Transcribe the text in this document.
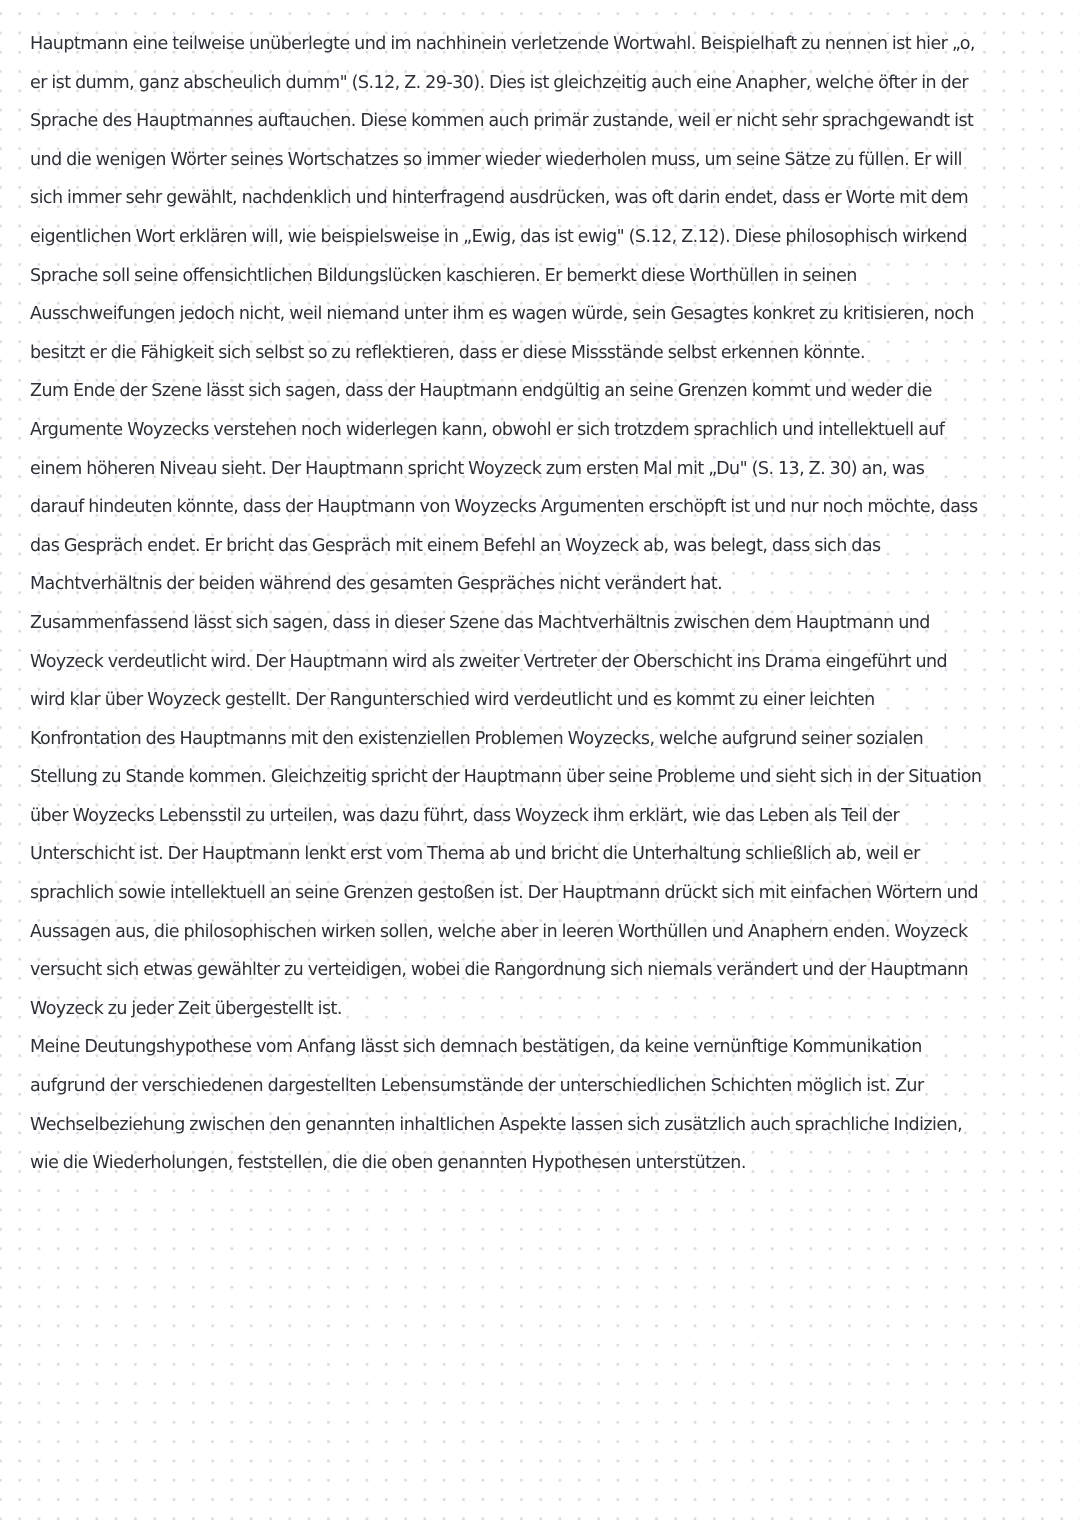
Hauptmann eine teilweise unüberlegte und im nachhinein verletzende Wortwahl. Beispielhaft zu nennen ist hier „o,
er ist dumm, ganz abscheulich dumm" (S.12, Z. 29-30). Dies ist gleichzeitig auch eine Anapher, welche öfter in der
Sprache des Hauptmannes auftauchen. Diese kommen auch primär zustande, weil er nicht sehr sprachgewandt ist
und die wenigen Wörter seines Wortschatzes so immer wieder wiederholen muss, um seine Sätze zu füllen. Er will
sich immer sehr gewählt, nachdenklich und hinterfragend ausdrücken, was oft darin endet, dass er Worte mit dem
eigentlichen Wort erklären will, wie beispielsweise in „Ewig, das ist ewig" (S.12, Z.12). Diese philosophisch wirkend
Sprache soll seine offensichtlichen Bildungslücken kaschieren. Er bemerkt diese Worthüllen in seinen
Ausschweifungen jedoch nicht, weil niemand unter ihm es wagen würde, sein Gesagtes konkret zu kritisieren, noch
besitzt er die Fähigkeit sich selbst so zu reflektieren, dass er diese Missstände selbst erkennen könnte.
Zum Ende der Szene lässt sich sagen, dass der Hauptmann endgültig an seine Grenzen kommt und weder die
Argumente Woyzecks verstehen noch widerlegen kann, obwohl er sich trotzdem sprachlich und intellektuell auf
einem höheren Niveau sieht. Der Hauptmann spricht Woyzeck zum ersten Mal mit „Du" (S. 13, Z. 30) an, was
darauf hindeuten könnte, dass der Hauptmann von Woyzecks Argumenten erschöpft ist und nur noch möchte, dass
das Gespräch endet. Er bricht das Gespräch mit einem Befehl an Woyzeck ab, was belegt, dass sich das
Machtverhältnis der beiden während des gesamten Gespräches nicht verändert hat.
Zusammenfassend lässt sich sagen, dass in dieser Szene das Machtverhältnis zwischen dem Hauptmann und
Woyzeck verdeutlicht wird. Der Hauptmann wird als zweiter Vertreter der Oberschicht ins Drama eingeführt und
wird klar über Woyzeck gestellt. Der Rangunterschied wird verdeutlicht und es kommt zu einer leichten
Konfrontation des Hauptmanns mit den existenziellen Problemen Woyzecks, welche aufgrund seiner sozialen
Stellung zu Stande kommen. Gleichzeitig spricht der Hauptmann über seine Probleme und sieht sich in der Situation
über Woyzecks Lebensstil zu urteilen, was dazu führt, dass Woyzeck ihm erklärt, wie das Leben als Teil der
Unterschicht ist. Der Hauptmann lenkt erst vom Thema ab und bricht die Unterhaltung schließlich ab, weil er
sprachlich sowie intellektuell an seine Grenzen gestoßen ist. Der Hauptmann drückt sich mit einfachen Wörtern und
Aussagen aus, die philosophischen wirken sollen, welche aber in leeren Worthüllen und Anaphern enden. Woyzeck
versucht sich etwas gewählter zu verteidigen, wobei die Rangordnung sich niemals verändert und der Hauptmann
Woyzeck zu jeder Zeit übergestellt ist.
Meine Deutungshypothese vom Anfang lässt sich demnach bestätigen, da keine vernünftige Kommunikation
aufgrund der verschiedenen dargestellten Lebensumstände der unterschiedlichen Schichten möglich ist. Zur
Wechselbeziehung zwischen den genannten inhaltlichen Aspekte lassen sich zusätzlich auch sprachliche Indizien,
wie die Wiederholungen, feststellen, die die oben genannten Hypothesen unterstützen.
